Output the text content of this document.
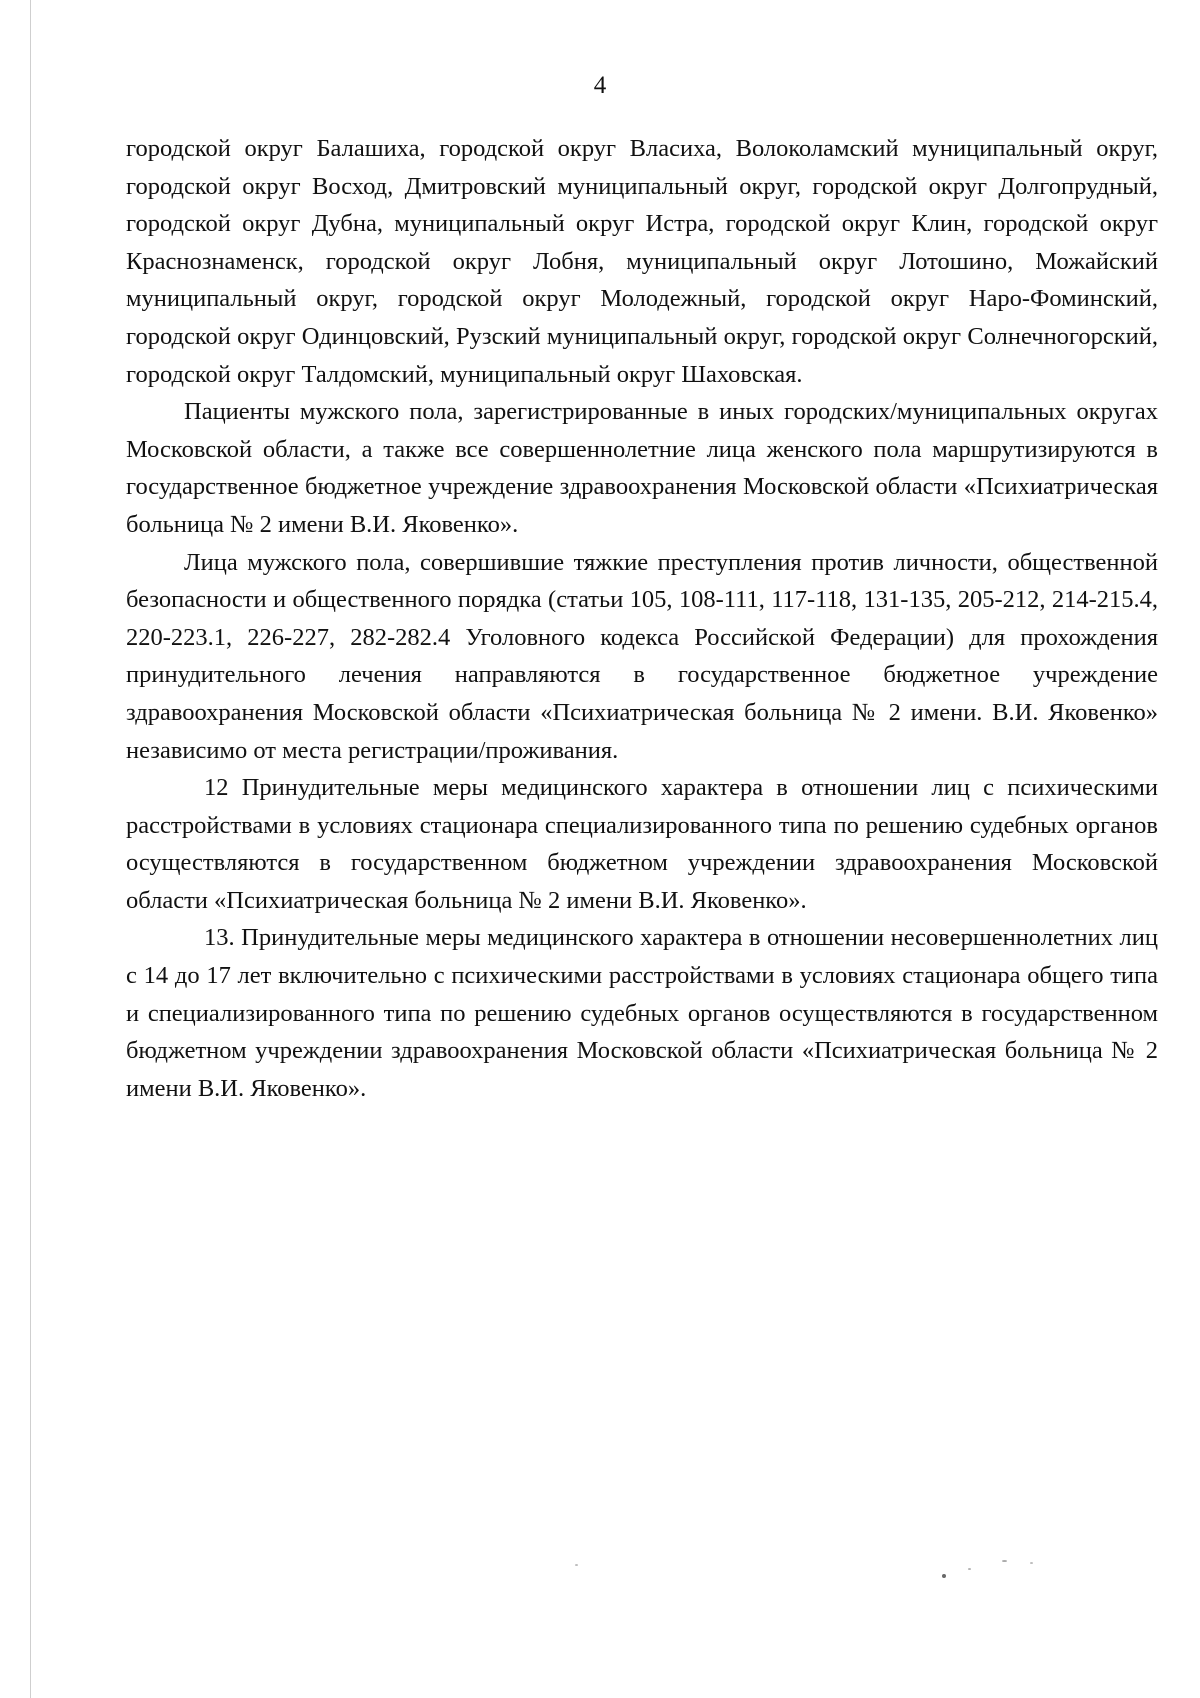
4

городской округ Балашиха, городской округ Власиха, Волоколамский муниципальный округ, городской округ Восход, Дмитровский муниципальный округ, городской округ Долгопрудный, городской округ Дубна, муниципальный округ Истра, городской округ Клин, городской округ Краснознаменск, городской округ Лобня, муниципальный округ Лотошино, Можайский муниципальный округ, городской округ Молодежный, городской округ Наро-Фоминский, городской округ Одинцовский, Рузский муниципальный округ, городской округ Солнечногорский, городской округ Талдомский, муниципальный округ Шаховская.

Пациенты мужского пола, зарегистрированные в иных городских/муниципальных округах Московской области, а также все совершеннолетние лица женского пола маршрутизируются в государственное бюджетное учреждение здравоохранения Московской области «Психиатрическая больница № 2 имени В.И. Яковенко».

Лица мужского пола, совершившие тяжкие преступления против личности, общественной безопасности и общественного порядка (статьи 105, 108-111, 117-118, 131-135, 205-212, 214-215.4, 220-223.1, 226-227, 282-282.4 Уголовного кодекса Российской Федерации) для прохождения принудительного лечения направляются в государственное бюджетное учреждение здравоохранения Московской области «Психиатрическая больница № 2 имени. В.И. Яковенко» независимо от места регистрации/проживания.

12 Принудительные меры медицинского характера в отношении лиц с психическими расстройствами в условиях стационара специализированного типа по решению судебных органов осуществляются в государственном бюджетном учреждении здравоохранения Московской области «Психиатрическая больница № 2 имени В.И. Яковенко».

13. Принудительные меры медицинского характера в отношении несовершеннолетних лиц с 14 до 17 лет включительно с психическими расстройствами в условиях стационара общего типа и специализированного типа по решению судебных органов осуществляются в государственном бюджетном учреждении здравоохранения Московской области «Психиатрическая больница № 2 имени В.И. Яковенко».
